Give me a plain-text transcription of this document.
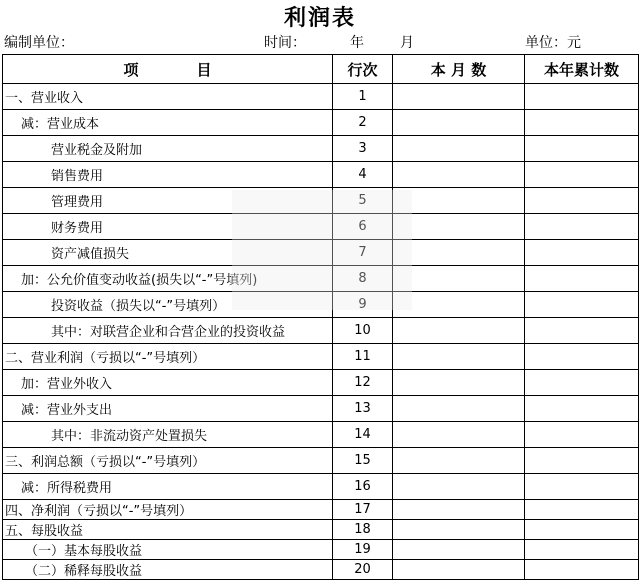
利润表
编制单位：	时间：	年	月	单位：元
项 目	行次	本 月 数	本年累计数
一、营业收入	1		
减：营业成本	2		
营业税金及附加	3		
销售费用	4		
管理费用	5		
财务费用	6		
资产减值损失	7		
加：公允价值变动收益(损失以“-”号填列)	8		
投资收益（损失以“-”号填列）	9		
其中：对联营企业和合营企业的投资收益	10		
二、营业利润（亏损以“-”号填列）	11		
加：营业外收入	12		
减：营业外支出	13		
其中：非流动资产处置损失	14		
三、利润总额（亏损以“-”号填列）	15		
减：所得税费用	16		
四、净利润（亏损以“-”号填列）	17		
五、每股收益	18		
（一）基本每股收益	19		
（二）稀释每股收益	20		
